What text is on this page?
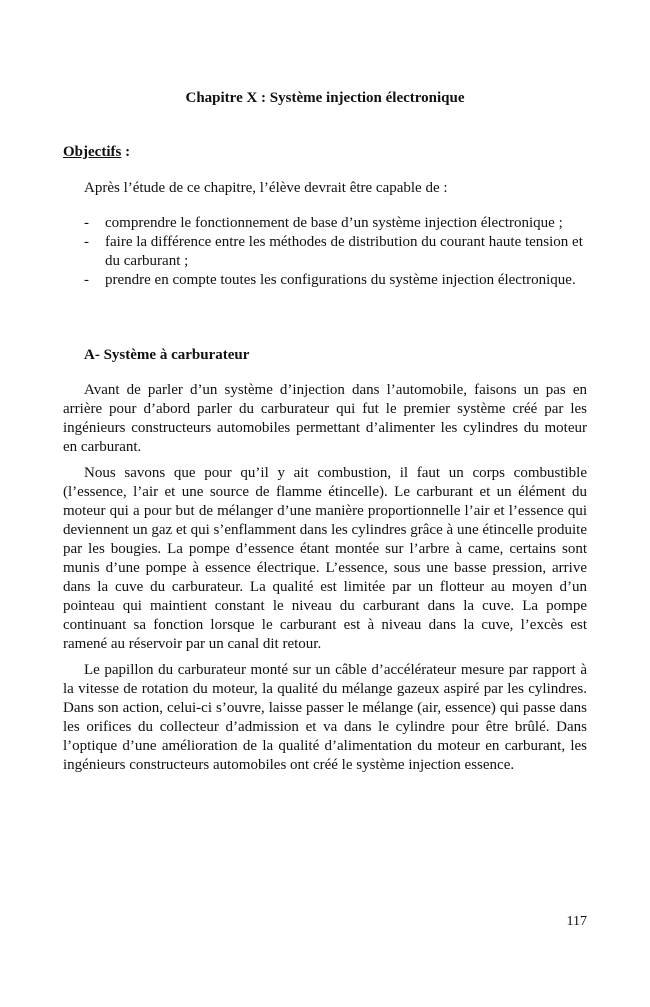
Chapitre X : Système injection électronique
Objectifs :
Après l’étude de ce chapitre, l’élève devrait être capable de :
- comprendre le fonctionnement de base d’un système injection électronique ;
- faire la différence entre les méthodes de distribution du courant haute tension et du carburant ;
- prendre en compte toutes les configurations du système injection électronique.
A- Système à carburateur

Avant de parler d’un système d’injection dans l’automobile, faisons un pas en arrière pour d’abord parler du carburateur qui fut le premier système créé par les ingénieurs constructeurs automobiles permettant d’alimenter les cylindres du moteur en carburant.

Nous savons que pour qu’il y ait combustion, il faut un corps combustible (l’essence, l’air et une source de flamme étincelle). Le carburant et un élément du moteur qui a pour but de mélanger d’une manière proportionnelle l’air et l’essence qui deviennent un gaz et qui s’enflamment dans les cylindres grâce à une étincelle produite par les bougies. La pompe d’essence étant montée sur l’arbre à came, certains sont munis d’une pompe à essence électrique. L’essence, sous une basse pression, arrive dans la cuve du carburateur. La qualité est limitée par un flotteur au moyen d’un pointeau qui maintient constant le niveau du carburant dans la cuve. La pompe continuant sa fonction lorsque le carburant est à niveau dans la cuve, l’excès est ramené au réservoir par un canal dit retour.

Le papillon du carburateur monté sur un câble d’accélérateur mesure par rapport à la vitesse de rotation du moteur, la qualité du mélange gazeux aspiré par les cylindres. Dans son action, celui-ci s’ouvre, laisse passer le mélange (air, essence) qui passe dans les orifices du collecteur d’admission et va dans le cylindre pour être brûlé. Dans l’optique d’une amélioration de la qualité d’alimentation du moteur en carburant, les ingénieurs constructeurs automobiles ont créé le système injection essence.

117
